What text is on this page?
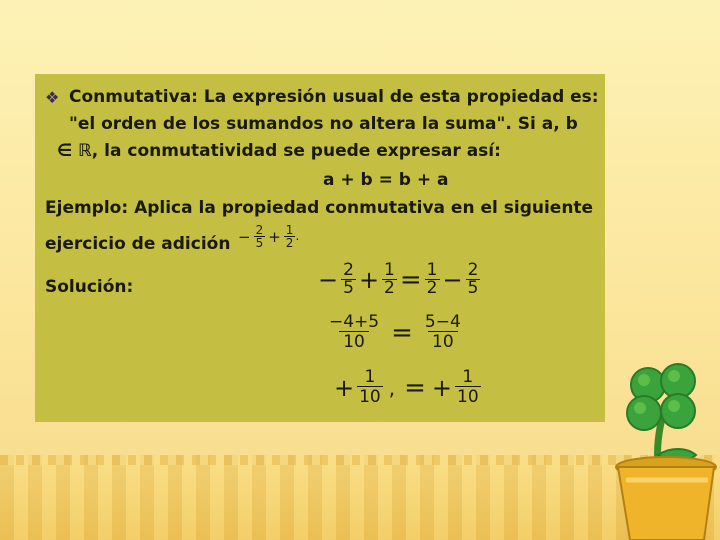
❖ Conmutativa: La expresión usual de esta propiedad es:
"el orden de los sumandos no altera la suma". Si a, b
∈ ℝ, la conmutatividad se puede expresar así:
a + b = b + a
Ejemplo: Aplica la propiedad conmutativa en el siguiente
ejercicio de adición − $\frac{2}{5} + \frac{1}{2}$ .
Solución:	− $\frac{2}{5} + \frac{1}{2} = \frac{1}{2} - \frac{2}{5}$
$\frac{-4+5}{10} = \frac{5-4}{10}$
+ $\frac{1}{10}$ , = + $\frac{1}{10}$
